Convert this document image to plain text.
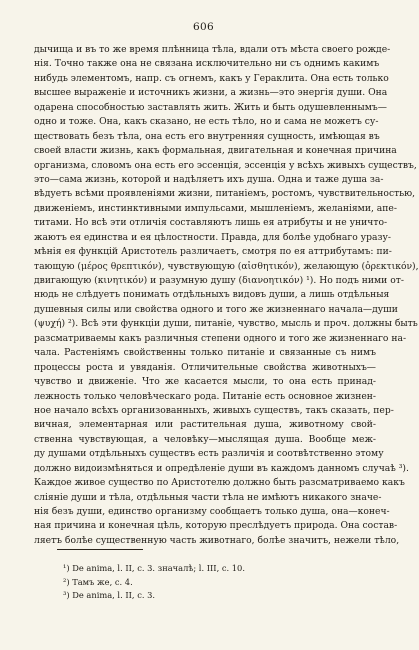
606
дычища и въ то же время плѣнница тѣла, вдали отъ мѣста своего рожде-
нія. Точно также она не связана исключительно ни съ однимъ какимъ
нибудь элементомъ, напр. съ огнемъ, какъ у Гераклита. Она есть только
высшее выраженіе и источникъ жизни, а жизнь—это энергія души. Она
одарена способностью заставлять жить. Жить и быть одушевленнымъ—
одно и тоже. Она, какъ сказано, не есть тѣло, но и сама не можетъ су-
ществовать безъ тѣла, она есть его внутренняя сущность, имѣющая въ
своей власти жизнь, какъ формальная, двигательная и конечная причина
организма, словомъ она есть его эссенція, эссенція у всѣхъ живыхъ существъ,
это—сама жизнь, которой и надѣляетъ ихъ душа. Одна и таже душа за-
вѣдуетъ всѣми проявленіями жизни, питаніемъ, ростомъ, чувствительностью,
движеніемъ, инстинктивными импульсами, мышленіемъ, желаніями, апе-
титами. Но всѣ эти отличія составляютъ лишь ея атрибуты и не уничто-
жаютъ ея единства и ея цѣлостности. Правда, для болѣе удобнаго уразу-
мѣнія ея функцій Аристотель различаетъ, смотря по ея аттрибутамъ: пи-
тающую (μέρος θρεπτικόν), чувствующую (αἰσθητικόν), желающую (ὀρεκτικόν),
двигающую (κινητικόν) и разумную душу (διανοητικόν) ¹). Но подъ ними от-
нюдь не слѣдуетъ понимать отдѣльныхъ видовъ души, а лишь отдѣльныя
душевныя силы или свойства одного и того же жизненнаго начала—души
(ψυχή) ²). Всѣ эти функціи души, питаніе, чувство, мысль и проч. должны быть
разсматриваемы какъ различныя степени одного и того же жизненнаго на-
чала. Растеніямъ свойственны только питаніе и связанные съ нимъ
процессы роста и увяданія. Отличительные свойства животныхъ—
чувство и движеніе. Что же касается мысли, то она есть принад-
лежность только человѣческаго рода. Питаніе есть основное жизнен-
ное начало всѣхъ организованныхъ, живыхъ существъ, такъ сказать, пер-
вичная, элементарная или растительная душа, животному свой-
ственна чувствующая, а человѣку—мыслящая душа. Вообще меж-
ду душами отдѣльныхъ существъ есть различія и соотвѣтственно этому
должно видоизмѣняться и опредѣленіе души въ каждомъ данномъ случаѣ ³).
Каждое живое существо по Аристотелю должно быть разсматриваемо какъ
сліяніе души и тѣла, отдѣльныя части тѣла не имѣютъ никакого значе-
нія безъ души, единство организму сообщаетъ только душа, она—конеч-
ная причина и конечная цѣль, которую преслѣдуетъ природа. Она состав-
ляетъ болѣе существенную часть животнаго, болѣе значитъ, нежели тѣло,
¹) De anima, l. II, c. 3. значалѣ; l. III, c. 10.
²) Тамъ же, с. 4.
³) De anima, l. II, c. 3.
